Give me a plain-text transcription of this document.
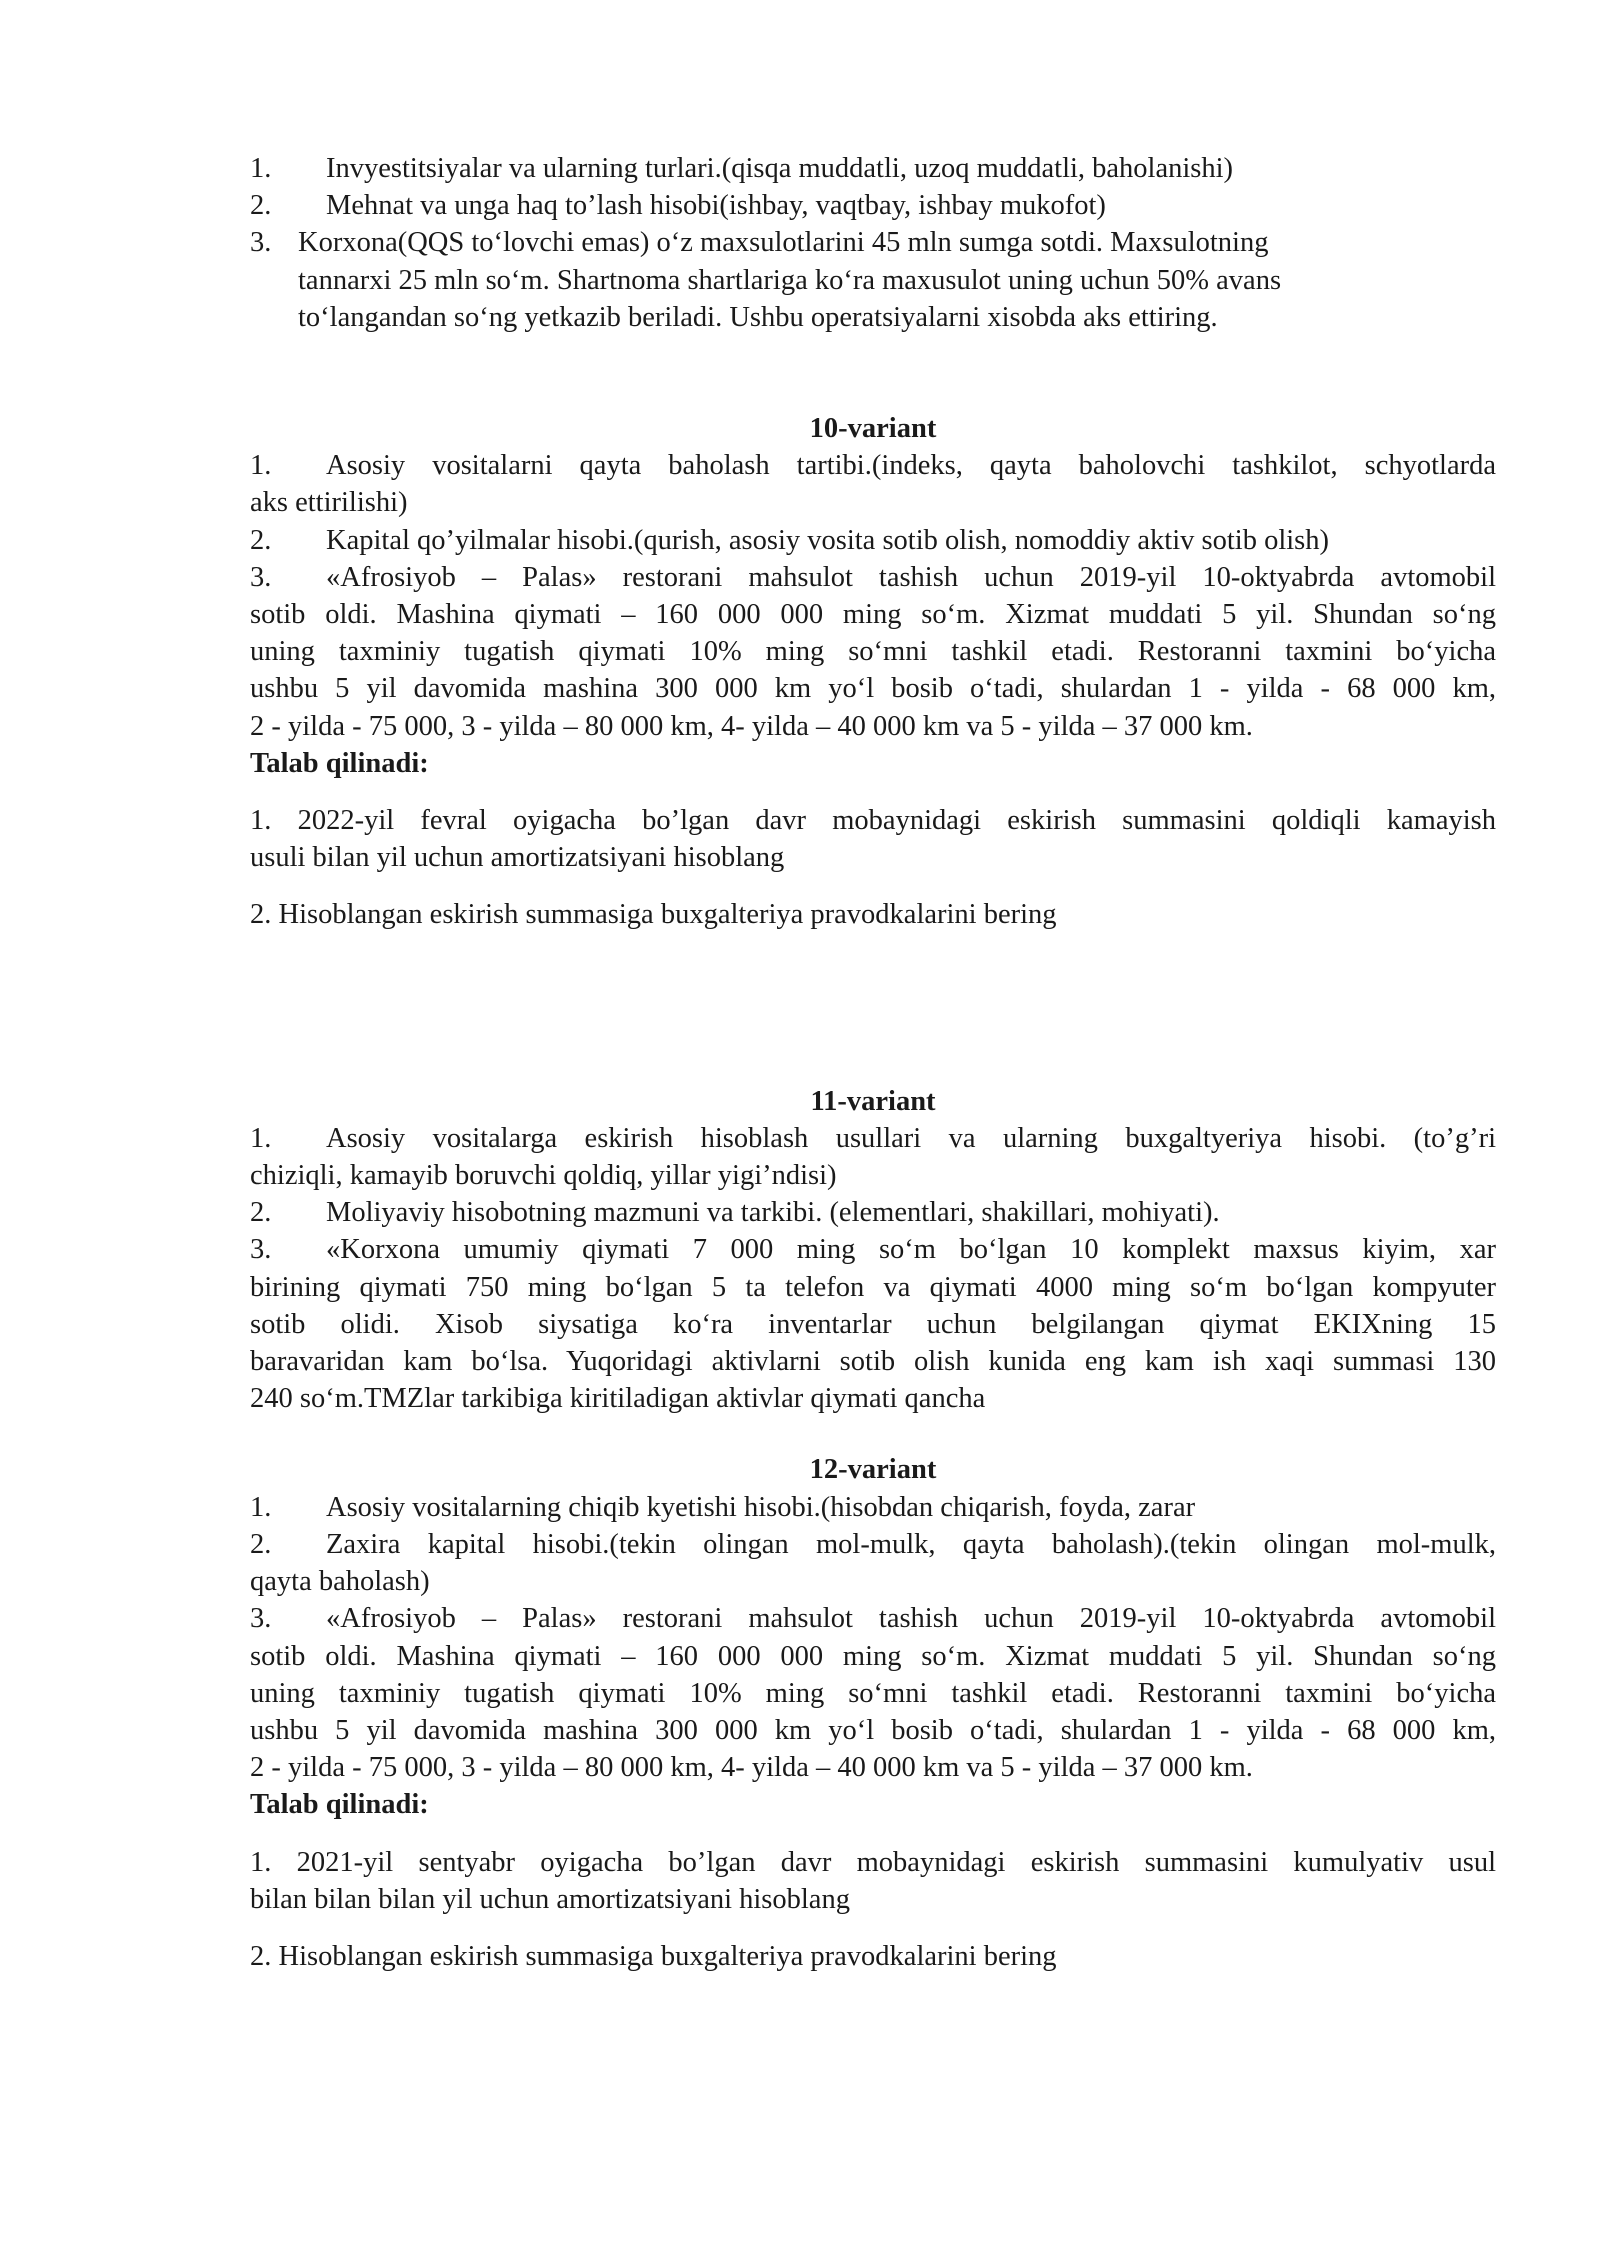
1. Invyestitsiyalar va ularning turlari.(qisqa muddatli, uzoq muddatli, baholanishi)
2. Mehnat va unga haq to’lash hisobi(ishbay, vaqtbay, ishbay mukofot)
3. Korxona(QQS to‘lovchi emas) o‘z maxsulotlarini 45 mln sumga sotdi. Maxsulotning
tannarxi 25 mln so‘m. Shartnoma shartlariga ko‘ra maxusulot uning uchun 50% avans
to‘langandan so‘ng yetkazib beriladi. Ushbu operatsiyalarni xisobda aks ettiring.
10-variant
1. Asosiy vositalarni qayta baholash tartibi.(indeks, qayta baholovchi tashkilot, schyotlarda
aks ettirilishi)
2. Kapital qo’yilmalar hisobi.(qurish, asosiy vosita sotib olish, nomoddiy aktiv sotib olish)
3. «Afrosiyob – Palas» restorani mahsulot tashish uchun 2019-yil 10-oktyabrda avtomobil
sotib oldi. Mashina qiymati – 160 000 000 ming so‘m. Xizmat muddati 5 yil. Shundan so‘ng
uning taxminiy tugatish qiymati 10% ming so‘mni tashkil etadi. Restoranni taxmini bo‘yicha
ushbu 5 yil davomida mashina 300 000 km yo‘l bosib o‘tadi, shulardan 1 - yilda - 68 000 km,
2 - yilda - 75 000, 3 - yilda – 80 000 km, 4- yilda – 40 000 km va 5 - yilda – 37 000 km.
Talab qilinadi:
1. 2022-yil fevral oyigacha bo’lgan davr mobaynidagi eskirish summasini qoldiqli kamayish
usuli bilan yil uchun amortizatsiyani hisoblang
2. Hisoblangan eskirish summasiga buxgalteriya pravodkalarini bering
11-variant
1. Asosiy vositalarga eskirish hisoblash usullari va ularning buxgaltyeriya hisobi. (to’g’ri
chiziqli, kamayib boruvchi qoldiq, yillar yigi’ndisi)
2. Moliyaviy hisobotning mazmuni va tarkibi. (elementlari, shakillari, mohiyati).
3. «Korxona umumiy qiymati 7 000 ming so‘m bo‘lgan 10 komplekt maxsus kiyim, xar
birining qiymati 750 ming bo‘lgan 5 ta telefon va qiymati 4000 ming so‘m bo‘lgan kompyuter
sotib olidi. Xisob siysatiga ko‘ra inventarlar uchun belgilangan qiymat EKIXning 15
baravaridan kam bo‘lsa. Yuqoridagi aktivlarni sotib olish kunida eng kam ish xaqi summasi 130
240 so‘m.TMZlar tarkibiga kiritiladigan aktivlar qiymati qancha
12-variant
1. Asosiy vositalarning chiqib kyetishi hisobi.(hisobdan chiqarish, foyda, zarar
2. Zaxira kapital hisobi.(tekin olingan mol-mulk, qayta baholash).(tekin olingan mol-mulk,
qayta baholash)
3. «Afrosiyob – Palas» restorani mahsulot tashish uchun 2019-yil 10-oktyabrda avtomobil
sotib oldi. Mashina qiymati – 160 000 000 ming so‘m. Xizmat muddati 5 yil. Shundan so‘ng
uning taxminiy tugatish qiymati 10% ming so‘mni tashkil etadi. Restoranni taxmini bo‘yicha
ushbu 5 yil davomida mashina 300 000 km yo‘l bosib o‘tadi, shulardan 1 - yilda - 68 000 km,
2 - yilda - 75 000, 3 - yilda – 80 000 km, 4- yilda – 40 000 km va 5 - yilda – 37 000 km.
Talab qilinadi:
1. 2021-yil sentyabr oyigacha bo’lgan davr mobaynidagi eskirish summasini kumulyativ usul
bilan bilan bilan yil uchun amortizatsiyani hisoblang
2. Hisoblangan eskirish summasiga buxgalteriya pravodkalarini bering
